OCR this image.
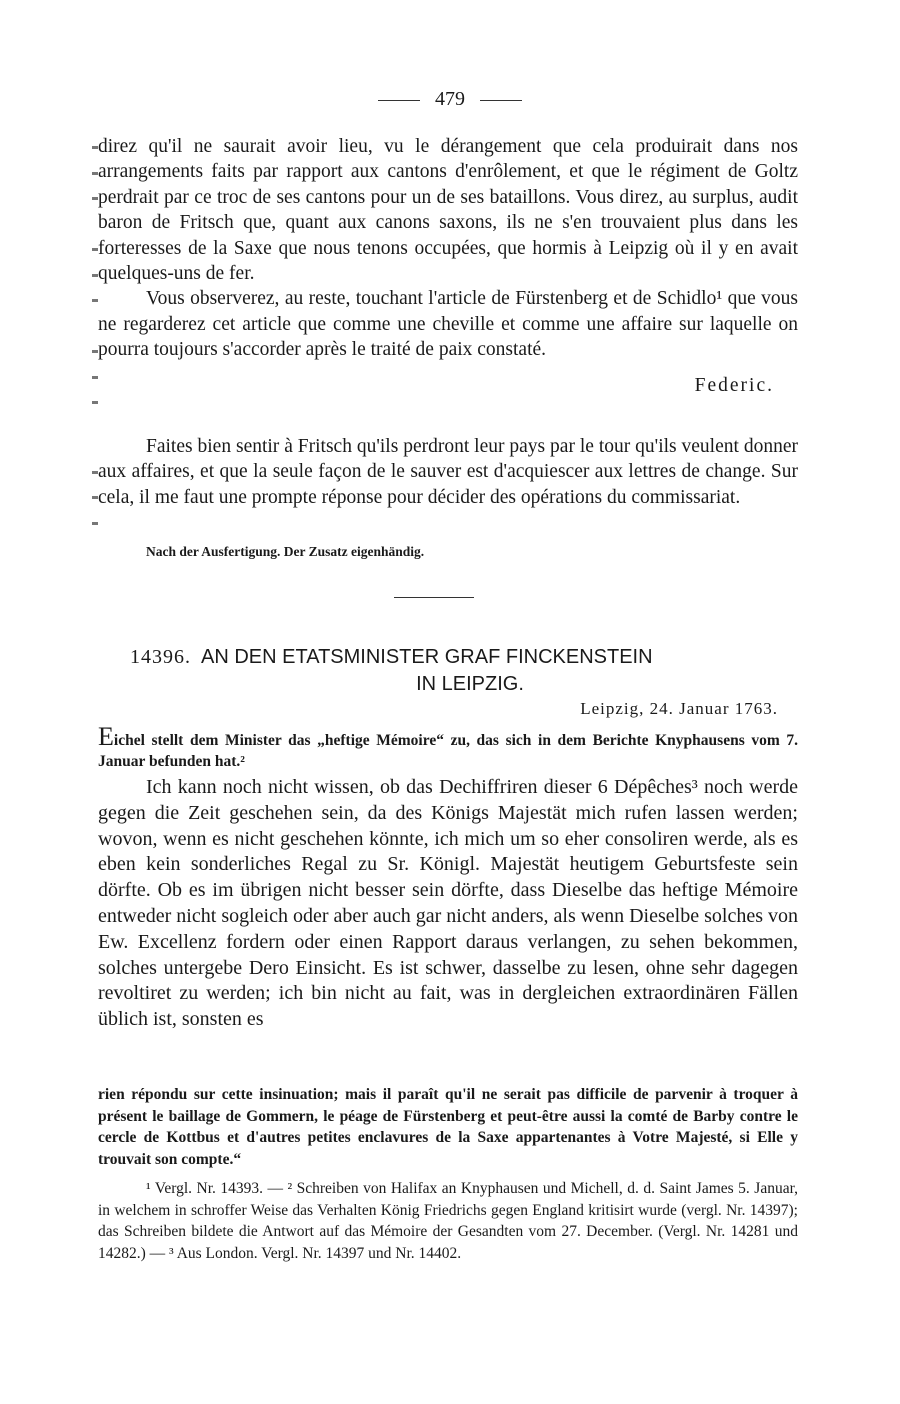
479

direz qu'il ne saurait avoir lieu, vu le dérangement que cela produirait dans nos arrangements faits par rapport aux cantons d'enrôlement, et que le régiment de Goltz perdrait par ce troc de ses cantons pour un de ses bataillons. Vous direz, au surplus, audit baron de Fritsch que, quant aux canons saxons, ils ne s'en trouvaient plus dans les forteresses de la Saxe que nous tenons occupées, que hormis à Leipzig où il y en avait quelques-uns de fer.

Vous observerez, au reste, touchant l'article de Fürstenberg et de Schidlo¹ que vous ne regarderez cet article que comme une cheville et comme une affaire sur laquelle on pourra toujours s'accorder après le traité de paix constaté.

Federic.

Faites bien sentir à Fritsch qu'ils perdront leur pays par le tour qu'ils veulent donner aux affaires, et que la seule façon de le sauver est d'acquiescer aux lettres de change. Sur cela, il me faut une prompte réponse pour décider des opérations du commissariat.

Nach der Ausfertigung. Der Zusatz eigenhändig.
14396. AN DEN ETATSMINISTER GRAF FINCKENSTEIN
IN LEIPZIG.
Leipzig, 24. Januar 1763.
Eichel stellt dem Minister das „heftige Mémoire“ zu, das sich in dem Berichte Knyphausens vom 7. Januar befunden hat.²

Ich kann noch nicht wissen, ob das Dechiffriren dieser 6 Dépêches³ noch werde gegen die Zeit geschehen sein, da des Königs Majestät mich rufen lassen werden; wovon, wenn es nicht geschehen könnte, ich mich um so eher consoliren werde, als es eben kein sonderliches Regal zu Sr. Königl. Majestät heutigem Geburtsfeste sein dörfte. Ob es im übrigen nicht besser sein dörfte, dass Dieselbe das heftige Mémoire entweder nicht sogleich oder aber auch gar nicht anders, als wenn Dieselbe solches von Ew. Excellenz fordern oder einen Rapport daraus verlangen, zu sehen bekommen, solches untergebe Dero Einsicht. Es ist schwer, dasselbe zu lesen, ohne sehr dagegen revoltiret zu werden; ich bin nicht au fait, was in dergleichen extraordinären Fällen üblich ist, sonsten es

rien répondu sur cette insinuation; mais il paraît qu'il ne serait pas difficile de parvenir à troquer à présent le baillage de Gommern, le péage de Fürstenberg et peut-être aussi la comté de Barby contre le cercle de Kottbus et d'autres petites enclavures de la Saxe appartenantes à Votre Majesté, si Elle y trouvait son compte.“

¹ Vergl. Nr. 14393. — ² Schreiben von Halifax an Knyphausen und Michell, d. d. Saint James 5. Januar, in welchem in schroffer Weise das Verhalten König Friedrichs gegen England kritisirt wurde (vergl. Nr. 14397); das Schreiben bildete die Antwort auf das Mémoire der Gesandten vom 27. December. (Vergl. Nr. 14281 und 14282.) — ³ Aus London. Vergl. Nr. 14397 und Nr. 14402.
